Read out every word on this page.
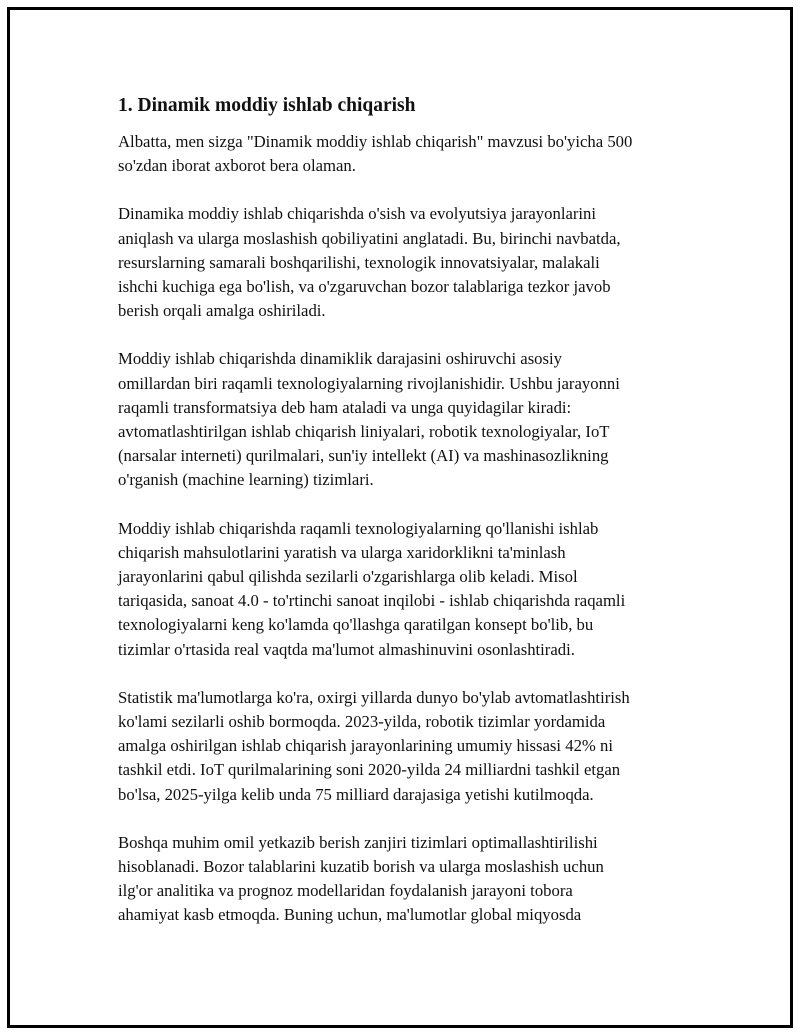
1. Dinamik moddiy ishlab chiqarish

Albatta, men sizga "Dinamik moddiy ishlab chiqarish" mavzusi bo'yicha 500
so'zdan iborat axborot bera olaman.

Dinamika moddiy ishlab chiqarishda o'sish va evolyutsiya jarayonlarini
aniqlash va ularga moslashish qobiliyatini anglatadi. Bu, birinchi navbatda,
resurslarning samarali boshqarilishi, texnologik innovatsiyalar, malakali
ishchi kuchiga ega bo'lish, va o'zgaruvchan bozor talablariga tezkor javob
berish orqali amalga oshiriladi.

Moddiy ishlab chiqarishda dinamiklik darajasini oshiruvchi asosiy
omillardan biri raqamli texnologiyalarning rivojlanishidir. Ushbu jarayonni
raqamli transformatsiya deb ham ataladi va unga quyidagilar kiradi:
avtomatlashtirilgan ishlab chiqarish liniyalari, robotik texnologiyalar, IoT
(narsalar interneti) qurilmalari, sun'iy intellekt (AI) va mashinasozlikning
o'rganish (machine learning) tizimlari.

Moddiy ishlab chiqarishda raqamli texnologiyalarning qo'llanishi ishlab
chiqarish mahsulotlarini yaratish va ularga xaridorklikni ta'minlash
jarayonlarini qabul qilishda sezilarli o'zgarishlarga olib keladi. Misol
tariqasida, sanoat 4.0 - to'rtinchi sanoat inqilobi - ishlab chiqarishda raqamli
texnologiyalarni keng ko'lamda qo'llashga qaratilgan konsept bo'lib, bu
tizimlar o'rtasida real vaqtda ma'lumot almashinuvini osonlashtiradi.

Statistik ma'lumotlarga ko'ra, oxirgi yillarda dunyo bo'ylab avtomatlashtirish
ko'lami sezilarli oshib bormoqda. 2023-yilda, robotik tizimlar yordamida
amalga oshirilgan ishlab chiqarish jarayonlarining umumiy hissasi 42% ni
tashkil etdi. IoT qurilmalarining soni 2020-yilda 24 milliardni tashkil etgan
bo'lsa, 2025-yilga kelib unda 75 milliard darajasiga yetishi kutilmoqda.

Boshqa muhim omil yetkazib berish zanjiri tizimlari optimallashtirilishi
hisoblanadi. Bozor talablarini kuzatib borish va ularga moslashish uchun
ilg'or analitika va prognoz modellaridan foydalanish jarayoni tobora
ahamiyat kasb etmoqda. Buning uchun, ma'lumotlar global miqyosda
